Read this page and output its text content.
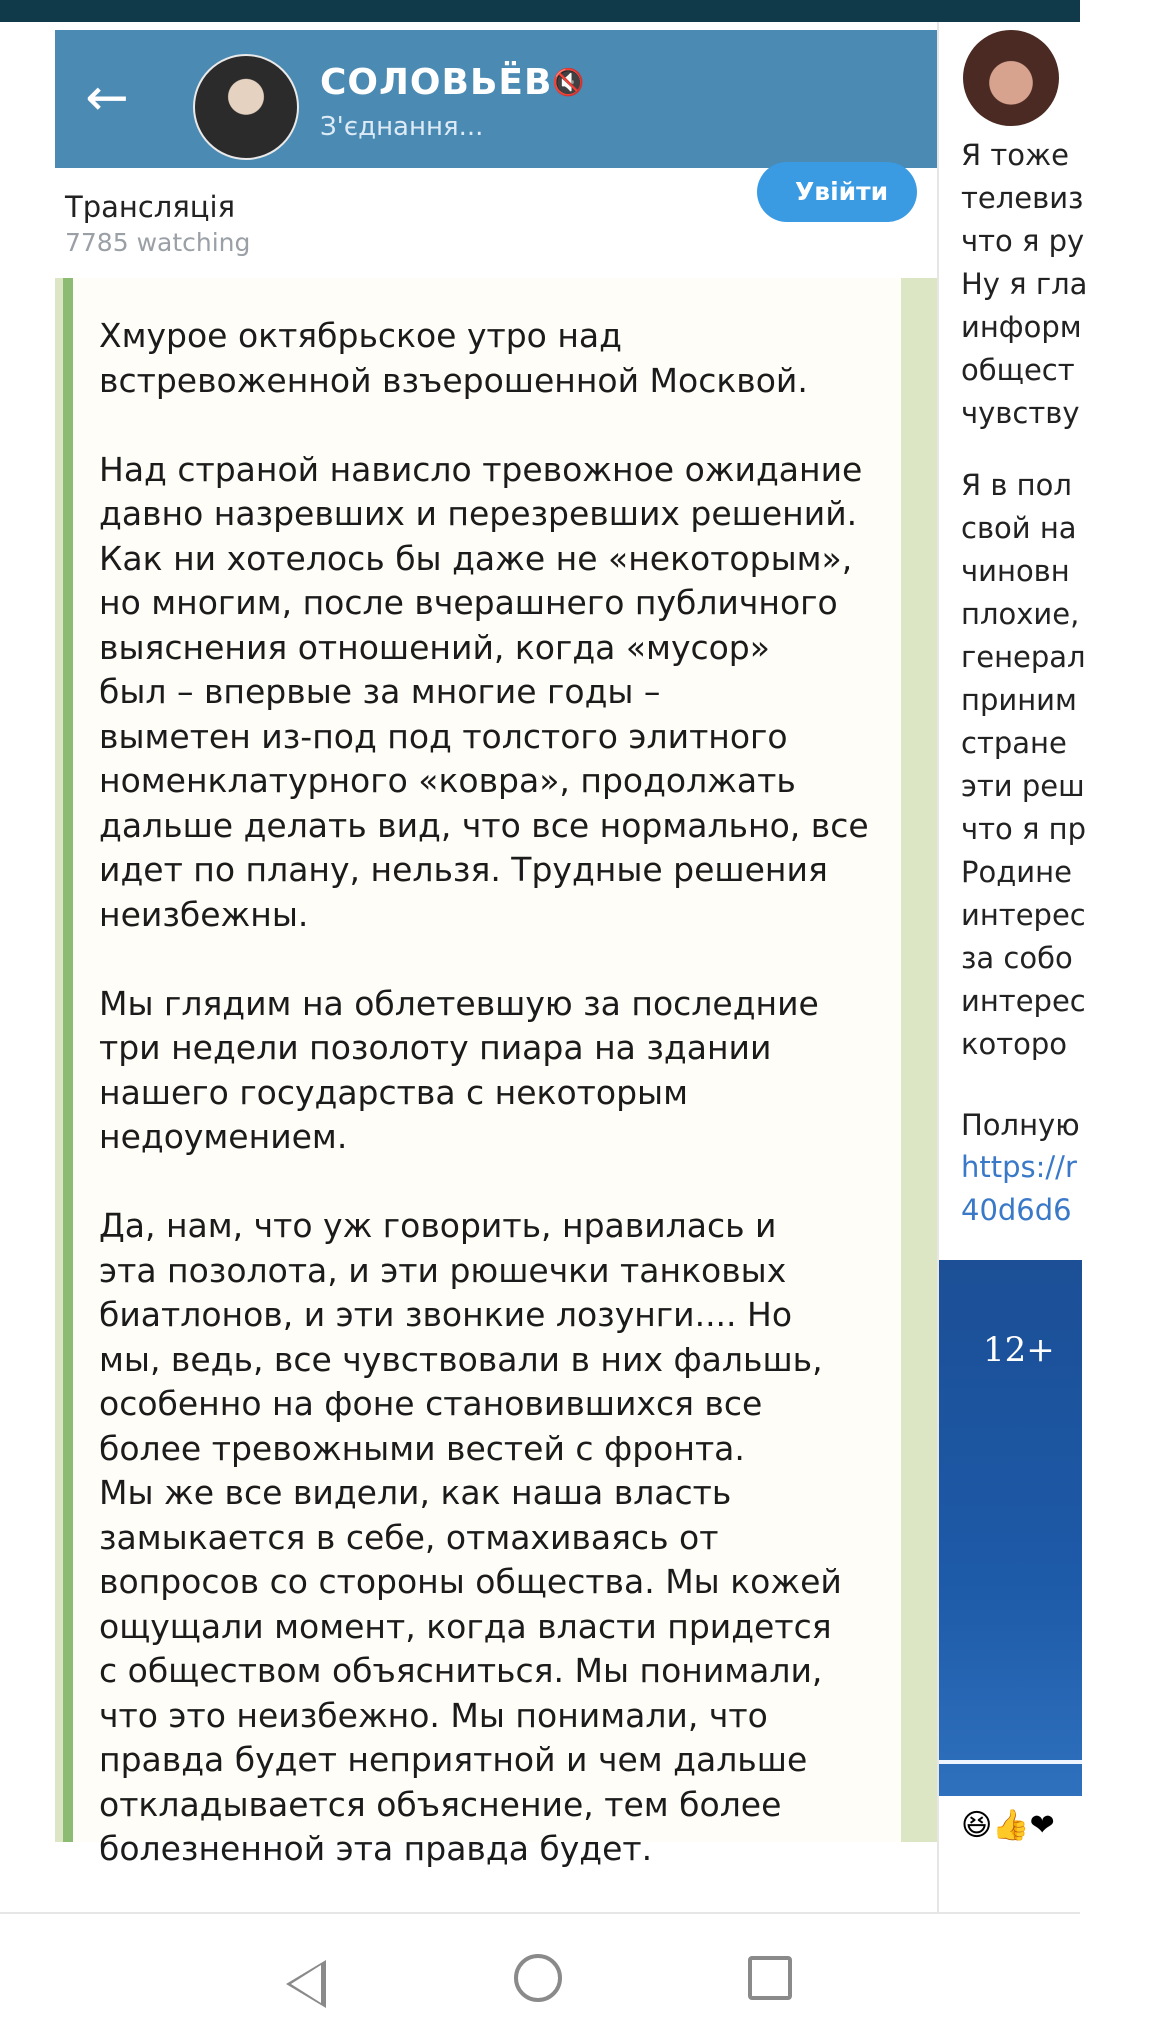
←	СОЛОВЬЁВ 🔇
З'єднання...
Трансляція
7785 watching
Хмурое октябрьское утро над
встревоженной взъерошенной Москвой.

Над страной нависло тревожное ожидание
давно назревших и перезревших решений.
Как ни хотелось бы даже не «некоторым»,
но многим, после вчерашнего публичного
выяснения отношений, когда «мусор»
был – впервые за многие годы –
выметен из-под под толстого элитного
номенклатурного «ковра», продолжать
дальше делать вид, что все нормально, все
идет по плану, нельзя. Трудные решения
неизбежны.

Мы глядим на облетевшую за последние
три недели позолоту пиара на здании
нашего государства с некоторым
недоумением.

Да, нам, что уж говорить, нравилась и
эта позолота, и эти рюшечки танковых
биатлонов, и эти звонкие лозунги.... Но
мы, ведь, все чувствовали в них фальшь,
особенно на фоне становившихся все
более тревожными вестей с фронта.
Мы же все видели, как наша власть
замыкается в себе, отмахиваясь от
вопросов со стороны общества. Мы кожей
ощущали момент, когда власти придется
с обществом объясниться. Мы понимали,
что это неизбежно. Мы понимали, что
правда будет неприятной и чем дальше
откладывается объяснение, тем более
болезненной эта правда будет.
Увійти
Я тоже
телевиз
что я ру
Ну я гла
информ
общест
чувству
Я в пол
свой на
чиновн
плохие,
генерал
приним
стране
эти реш
что я пр
Родине
интерес
за собо
интерес
которо
Полную
https://r
40d6d6
12+
😆👍❤
